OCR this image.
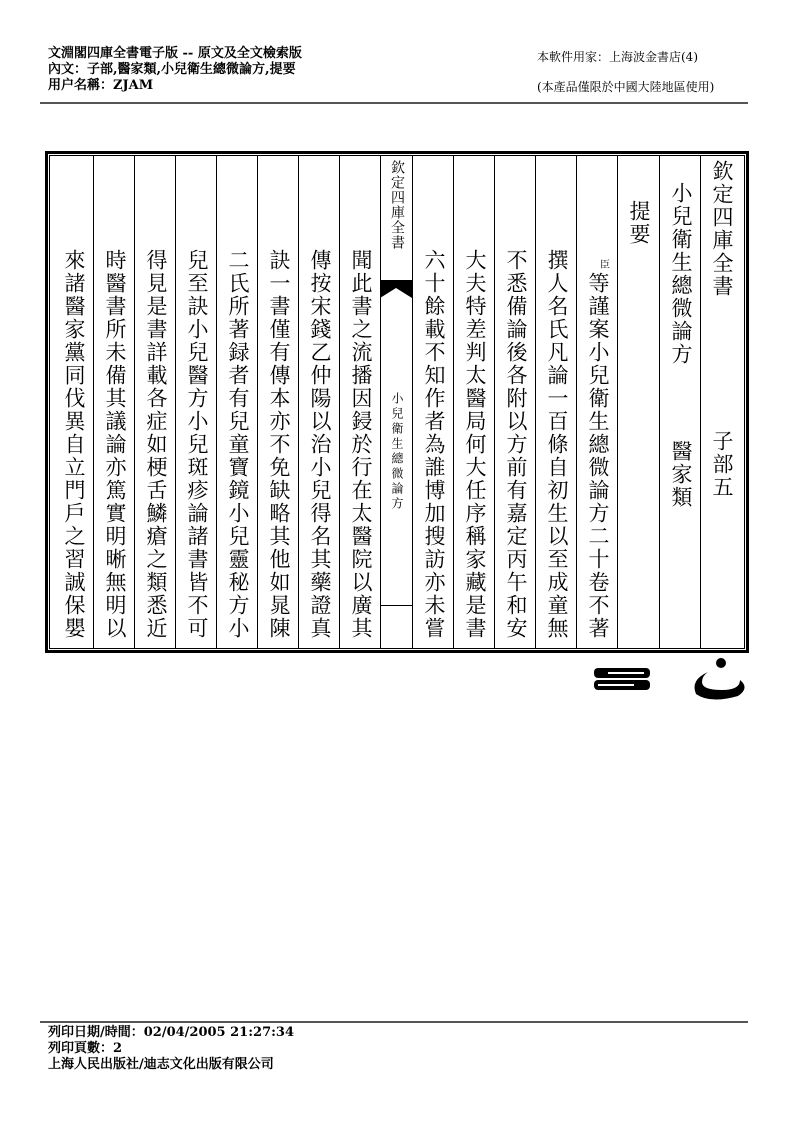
文淵閣四庫全書電子版 -- 原文及全文檢索版
內文：子部,醫家類,小兒衛生總微論方,提要
用户名稱：ZJAM
本軟件用家：上海波金書店(4)
(本產品僅限於中國大陸地區使用)
欽定四庫全書
子部五
小兒衛生總微論方
醫家類
提要
臣
等謹案小兒衛生總微論方二十卷不著
撰人名氏凡論一百條自初生以至成童無
不悉備論後各附以方前有嘉定丙午和安
大夫特差判太醫局何大任序稱家藏是書
六十餘載不知作者為誰博加搜訪亦未嘗
欽定四庫全書
小兒衛生總微論方
聞此書之流播因鋟於行在太醫院以廣其
傳按宋錢乙仲陽以治小兒得名其藥證真
訣一書僅有傳本亦不免缺略其他如晁陳
二氏所著録者有兒童寶鏡小兒靈秘方小
兒至訣小兒醫方小兒斑疹論諸書皆不可
得見是書詳載各症如梗舌鱗瘡之類悉近
時醫書所未備其議論亦篤實明晰無明以
來諸醫家黨同伐異自立門戶之習誠保嬰
列印日期/時間：02/04/2005 21:27:34
列印頁數：2
上海人民出版社/迪志文化出版有限公司
